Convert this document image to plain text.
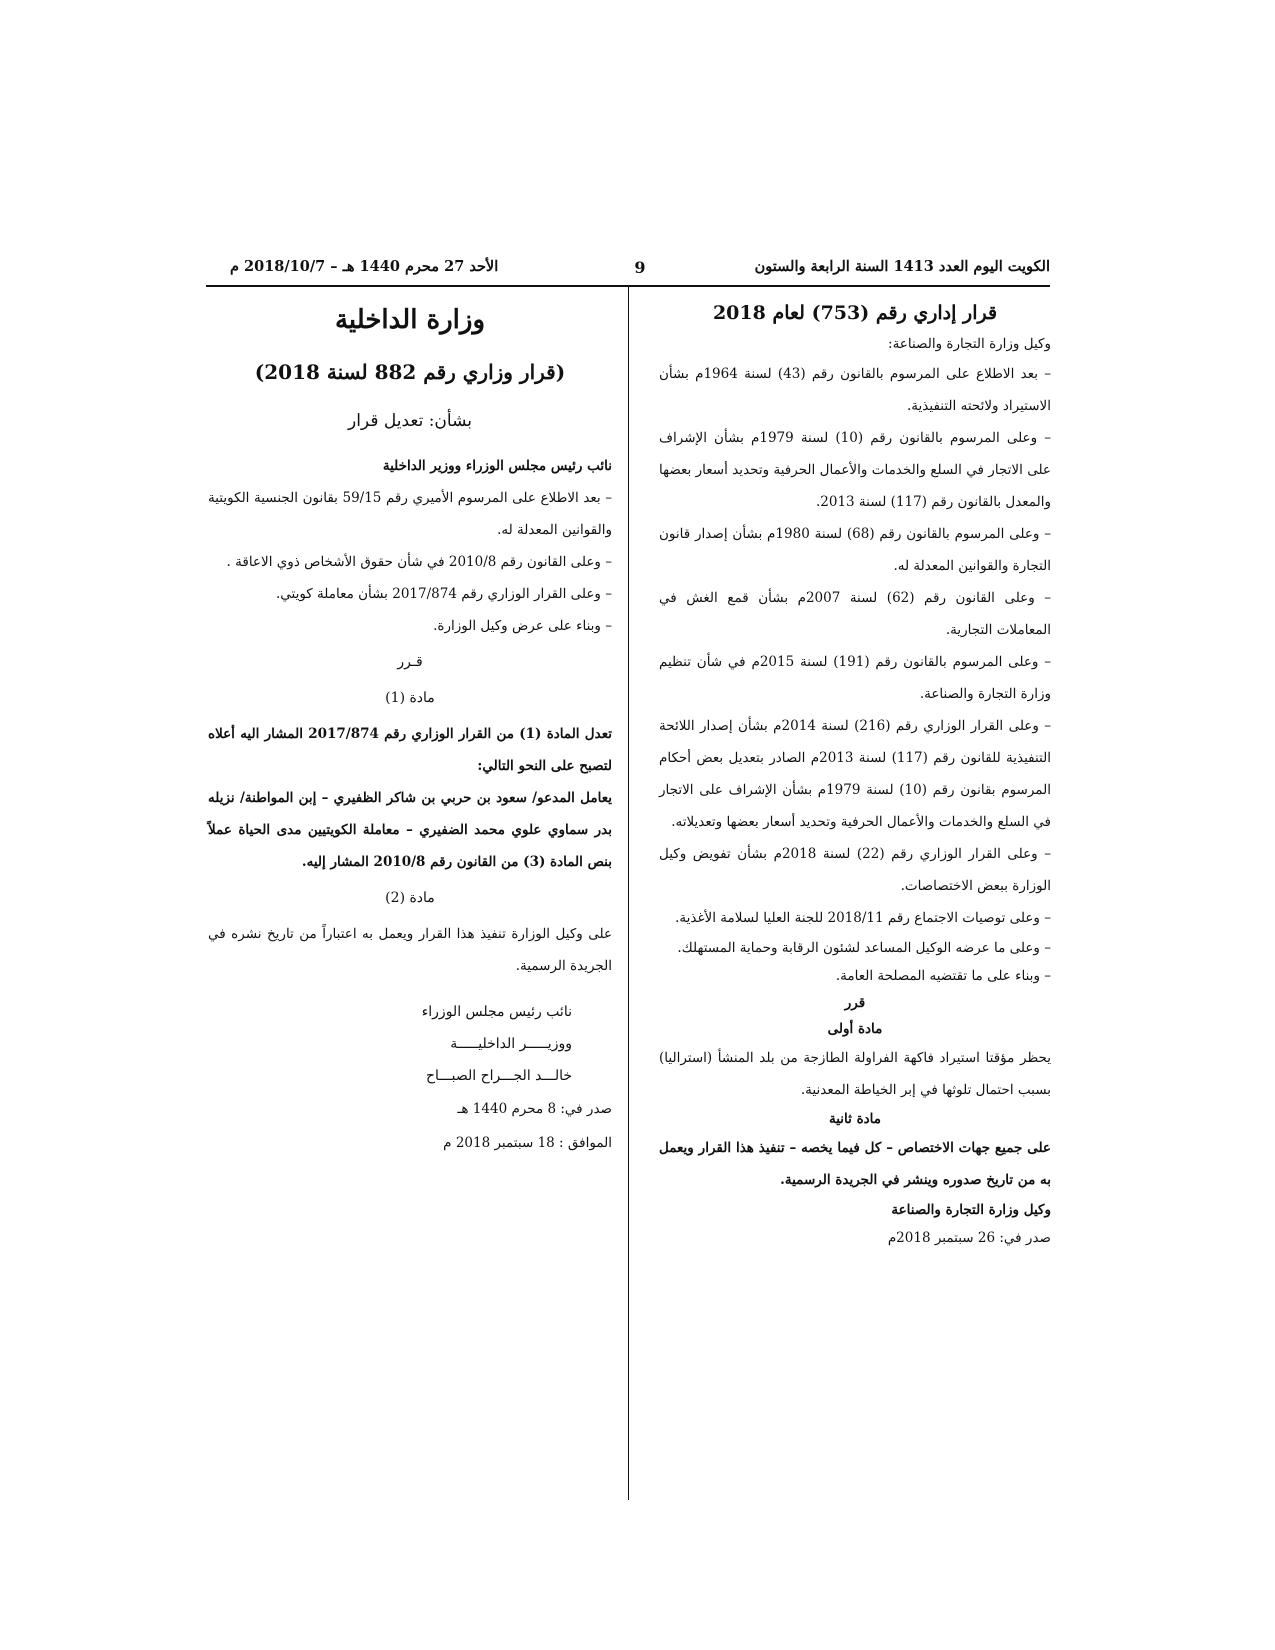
الكويت اليوم العدد 1413 السنة الرابعة والستون
9
الأحد 27 محرم 1440 هـ – 2018/10/7 م

قرار إداري رقم (753) لعام 2018

وكيل وزارة التجارة والصناعة:

– بعد الاطلاع على المرسوم بالقانون رقم (43) لسنة 1964م بشأن الاستيراد ولائحته التنفيذية.

– وعلى المرسوم بالقانون رقم (10) لسنة 1979م بشأن الإشراف على الاتجار في السلع والخدمات والأعمال الحرفية وتحديد أسعار بعضها والمعدل بالقانون رقم (117) لسنة 2013.

– وعلى المرسوم بالقانون رقم (68) لسنة 1980م بشأن إصدار قانون التجارة والقوانين المعدلة له.

– وعلى القانون رقم (62) لسنة 2007م بشأن قمع الغش في المعاملات التجارية.

– وعلى المرسوم بالقانون رقم (191) لسنة 2015م في شأن تنظيم وزارة التجارة والصناعة.

– وعلى القرار الوزاري رقم (216) لسنة 2014م بشأن إصدار اللائحة التنفيذية للقانون رقم (117) لسنة 2013م الصادر بتعديل بعض أحكام المرسوم بقانون رقم (10) لسنة 1979م بشأن الإشراف على الاتجار في السلع والخدمات والأعمال الحرفية وتحديد أسعار بعضها وتعديلاته.

– وعلى القرار الوزاري رقم (22) لسنة 2018م بشأن تفويض وكيل الوزارة ببعض الاختصاصات.

– وعلى توصيات الاجتماع رقم 2018/11 للجنة العليا لسلامة الأغذية.

– وعلى ما عرضه الوكيل المساعد لشئون الرقابة وحماية المستهلك.

– وبناء على ما تقتضيه المصلحة العامة.

قرر

مادة أولى

يحظر مؤقتا استيراد فاكهة الفراولة الطازجة من بلد المنشأ (استراليا) بسبب احتمال تلوثها في إبر الخياطة المعدنية.

مادة ثانية

على جميع جهات الاختصاص – كل فيما يخصه – تنفيذ هذا القرار ويعمل به من تاريخ صدوره وينشر في الجريدة الرسمية.

وكيل وزارة التجارة والصناعة

صدر في: 26 سبتمبر 2018م

وزارة الداخلية

(قرار وزاري رقم 882 لسنة 2018)

بشأن: تعديل قرار

نائب رئيس مجلس الوزراء ووزير الداخلية

– بعد الاطلاع على المرسوم الأميري رقم 59/15 بقانون الجنسية الكويتية والقوانين المعدلة له.

– وعلى القانون رقم 2010/8 في شأن حقوق الأشخاص ذوي الاعاقة .

– وعلى القرار الوزاري رقم 2017/874 بشأن معاملة كويتي.

– وبناء على عرض وكيل الوزارة.

قـرر

مادة (1)

تعدل المادة (1) من القرار الوزاري رقم 2017/874 المشار اليه أعلاه لتصبح على النحو التالي:

يعامل المدعو/ سعود بن حربي بن شاكر الظفيري – إبن المواطنة/ نزيله بدر سماوي علوي محمد الضفيري – معاملة الكويتيين مدى الحياة عملاً بنص المادة (3) من القانون رقم 2010/8 المشار إليه.

مادة (2)

على وكيل الوزارة تنفيذ هذا القرار ويعمل به اعتباراً من تاريخ نشره في الجريدة الرسمية.

نائب رئيس مجلس الوزراء

ووزيـــــر الداخليـــــة

خالـــد الجـــراح الصبـــاح

صدر في: 8 محرم 1440 هـ

الموافق : 18 سبتمبر 2018 م
